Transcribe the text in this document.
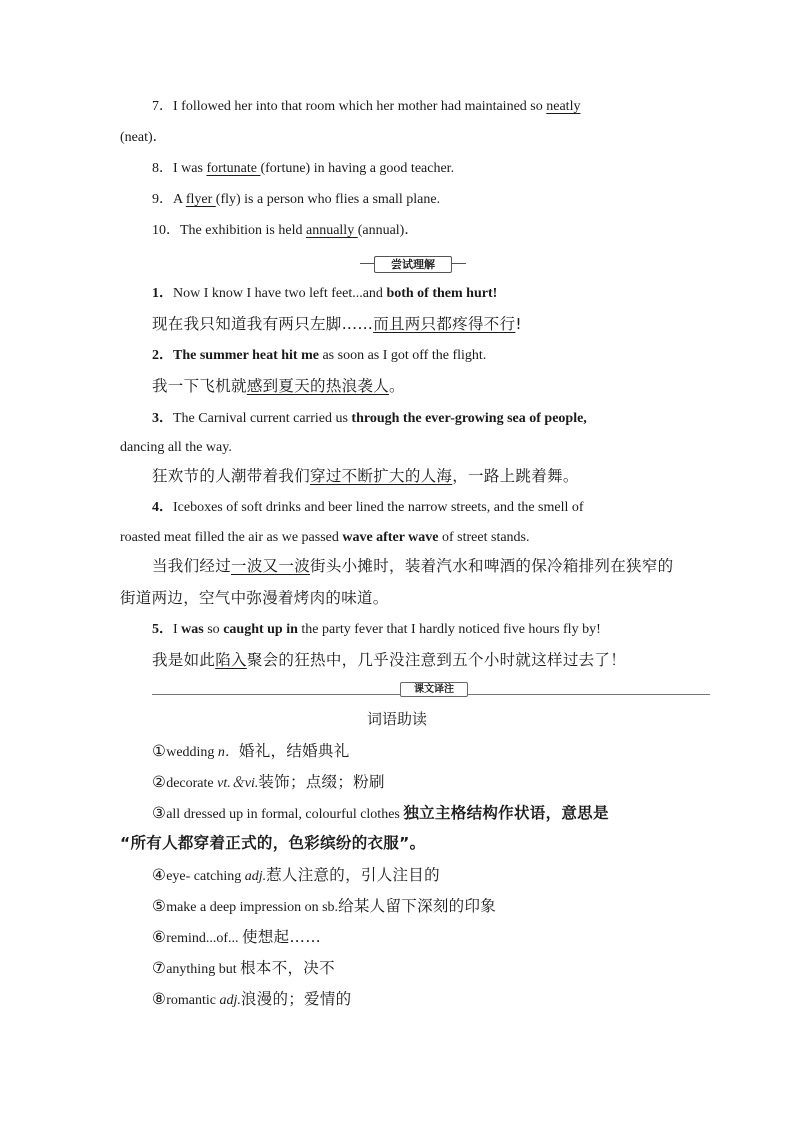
7．I followed her into that room which her mother had maintained so neatly
(neat)．
8．I was fortunate (fortune) in having a good teacher.
9．A flyer (fly) is a person who flies a small plane.
10．The exhibition is held annually (annual)．
尝试理解
1．Now I know I have two left feet...and both of them hurt!
现在我只知道我有两只左脚……而且两只都疼得不行!
2．The summer heat hit me as soon as I got off the flight.
我一下飞机就感到夏天的热浪袭人。
3．The Carnival current carried us through the ever-growing sea of people,
dancing all the way.
狂欢节的人潮带着我们穿过不断扩大的人海，一路上跳着舞。
4．Iceboxes of soft drinks and beer lined the narrow streets, and the smell of
roasted meat filled the air as we passed wave after wave of street stands.
当我们经过一波又一波街头小摊时，装着汽水和啤酒的保冷箱排列在狭窄的
街道两边，空气中弥漫着烤肉的味道。
5．I was so caught up in the party fever that I hardly noticed five hours fly by!
我是如此陷入聚会的狂热中，几乎没注意到五个小时就这样过去了！
课文译注
词语助读
①wedding n．婚礼，结婚典礼
②decorate vt.＆vi.装饰；点缀；粉刷
③all dressed up in formal, colourful clothes 独立主格结构作状语，意思是
“所有人都穿着正式的，色彩缤纷的衣服”。
④eye- catching adj.惹人注意的，引人注目的
⑤make a deep impression on sb.给某人留下深刻的印象
⑥remind...of... 使想起……
⑦anything but 根本不，决不
⑧romantic adj.浪漫的；爱情的
